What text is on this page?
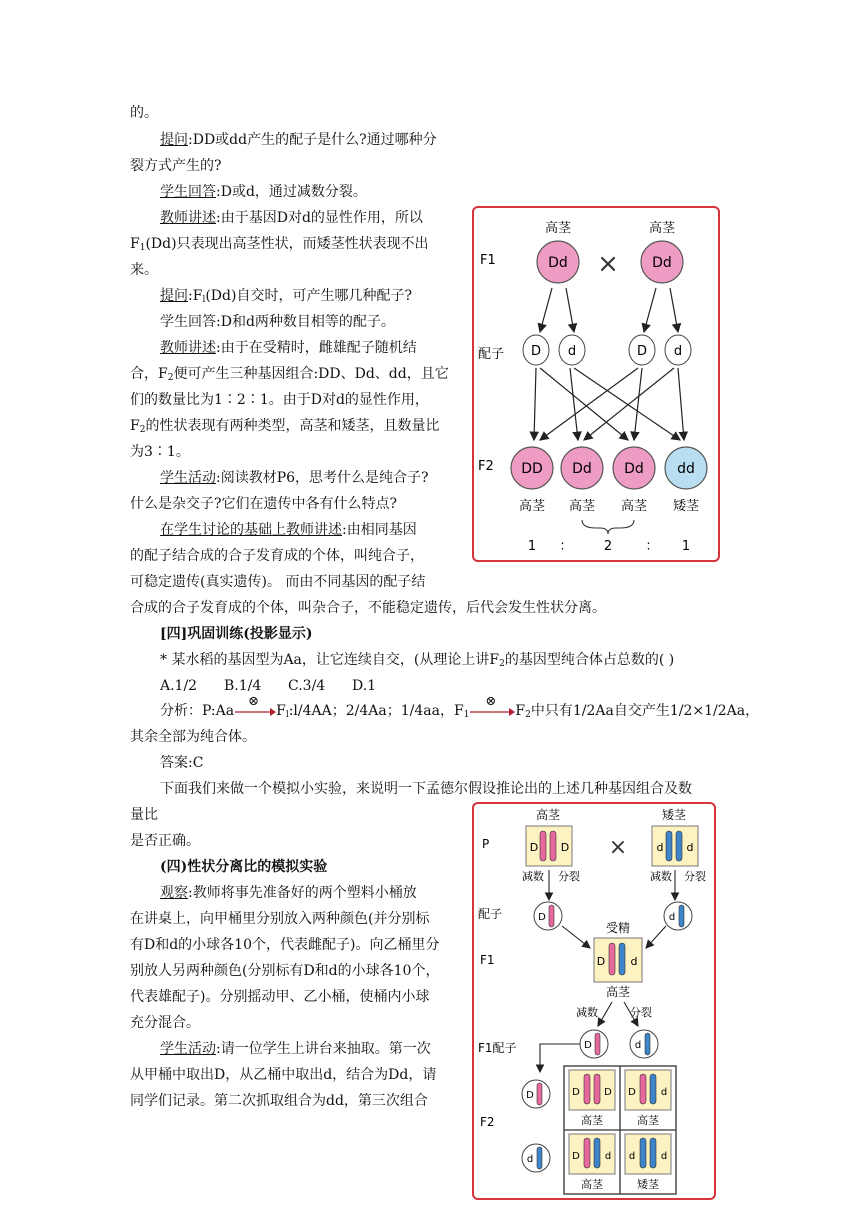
的。
提问:DD或dd产生的配子是什么?通过哪种分
裂方式产生的?
学生回答:D或d，通过减数分裂。
教师讲述:由于基因D对d的显性作用，所以
$F_1(Dd)$只表现出高茎性状，而矮茎性状表现不出
来。
提问$:F_l(Dd)$自交时，可产生哪几种配子?
学生回答:D和d两种数目相等的配子。
教师讲述:由于在受精时，雌雄配子随机结
合，$F_2$便可产生三种基因组合:DD、Dd、dd，且它
们的数量比为1∶2∶1。由于D对d的显性作用，
$F_2$的性状表现有两种类型，高茎和矮茎，且数量比
为3∶1。
学生活动:阅读教材P6，思考什么是纯合子?
什么是杂交子?它们在遗传中各有什么特点?
在学生讨论的基础上教师讲述:由相同基因
的配子结合成的合子发育成的个体，叫纯合子，
可稳定遗传(真实遗传)。 而由不同基因的配子结
合成的合子发育成的个体，叫杂合子，不能稳定遗传，后代会发生性状分离。
[四]巩固训练(投影显示)
* 某水稻的基因型为Aa，让它连续自交，(从理论上讲$F_2$的基因型纯合体占总数的( )
A.1/2 B.1/4 C.3/4 D.1
分析：P:Aa
⊗
$F_l:l/4AA$；2/4Aa；1/4aa，$F_1$
⊗
$F_2$中只有1/2Aa自交产生1/2×1/2Aa，
其余全部为纯合体。
答案:C
下面我们来做一个模拟小实验，来说明一下孟德尔假设推论出的上述几种基因组合及数
量比
是否正确。
(四)性状分离比的模拟实验
观察:教师将事先准备好的两个塑料小桶放
在讲桌上，向甲桶里分别放入两种颜色(并分别标
有D和d的小球各10个，代表雌配子)。向乙桶里分
别放人另两种颜色(分别标有D和d的小球各10个，
代表雄配子)。分别摇动甲、乙小桶，使桶内小球
充分混合。
学生活动:请一位学生上讲台来抽取。第一次
从甲桶中取出D，从乙桶中取出d，结合为Dd，请
同学们记录。第二次抓取组合为dd，第三次组合
F1
配子
F2
高茎	高茎
Dd × Dd
D d	D d
DD Dd Dd dd
高茎 高茎 高茎 矮茎
1 ： 2	： 1
P
配子
F1
F1配子
F2
高茎	矮茎
D D ×	d d
减数 分裂	减数 分裂
D	d
受精
D d
高茎
减数	分裂
D	d
D
d
D D
高茎
D d
高茎
D d
高茎
d	d
矮茎
